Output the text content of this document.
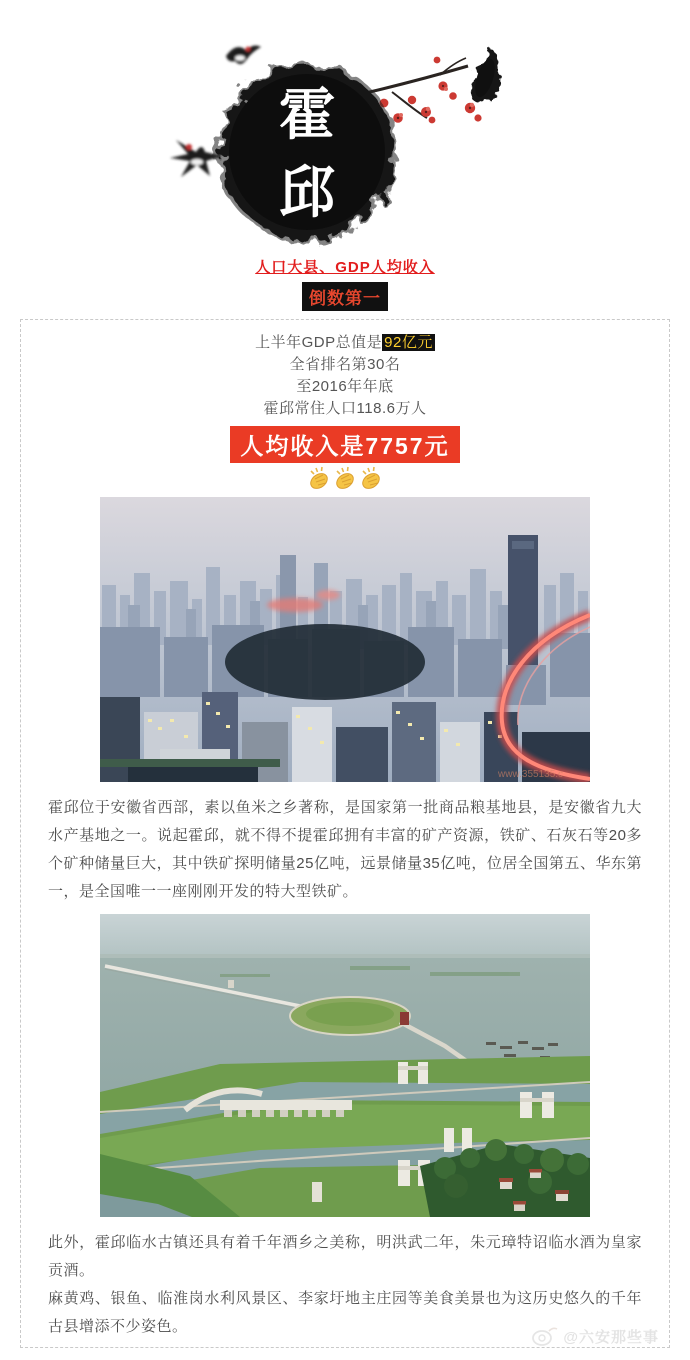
霍
邱

人口大县、GDP人均收入

倒数第一

上半年GDP总值是 92亿元

全省排名第30名

至2016年年底

霍邱常住人口118.6万人

人均收入是7757元

www.355135.c

霍邱位于安徽省西部，素以鱼米之乡著称，是国家第一批商品粮基地县，是安徽省九大水产基地之一。说起霍邱，就不得不提霍邱拥有丰富的矿产资源，铁矿、石灰石等20多个矿种储量巨大，其中铁矿探明储量25亿吨，远景储量35亿吨，位居全国第五、华东第一，是全国唯一一座刚刚开发的特大型铁矿。

此外，霍邱临水古镇还具有着千年酒乡之美称，明洪武二年，朱元璋特诏临水酒为皇家贡酒。

麻黄鸡、银鱼、临淮岗水利风景区、李家圩地主庄园等美食美景也为这历史悠久的千年古县增添不少姿色。

@六安那些事
